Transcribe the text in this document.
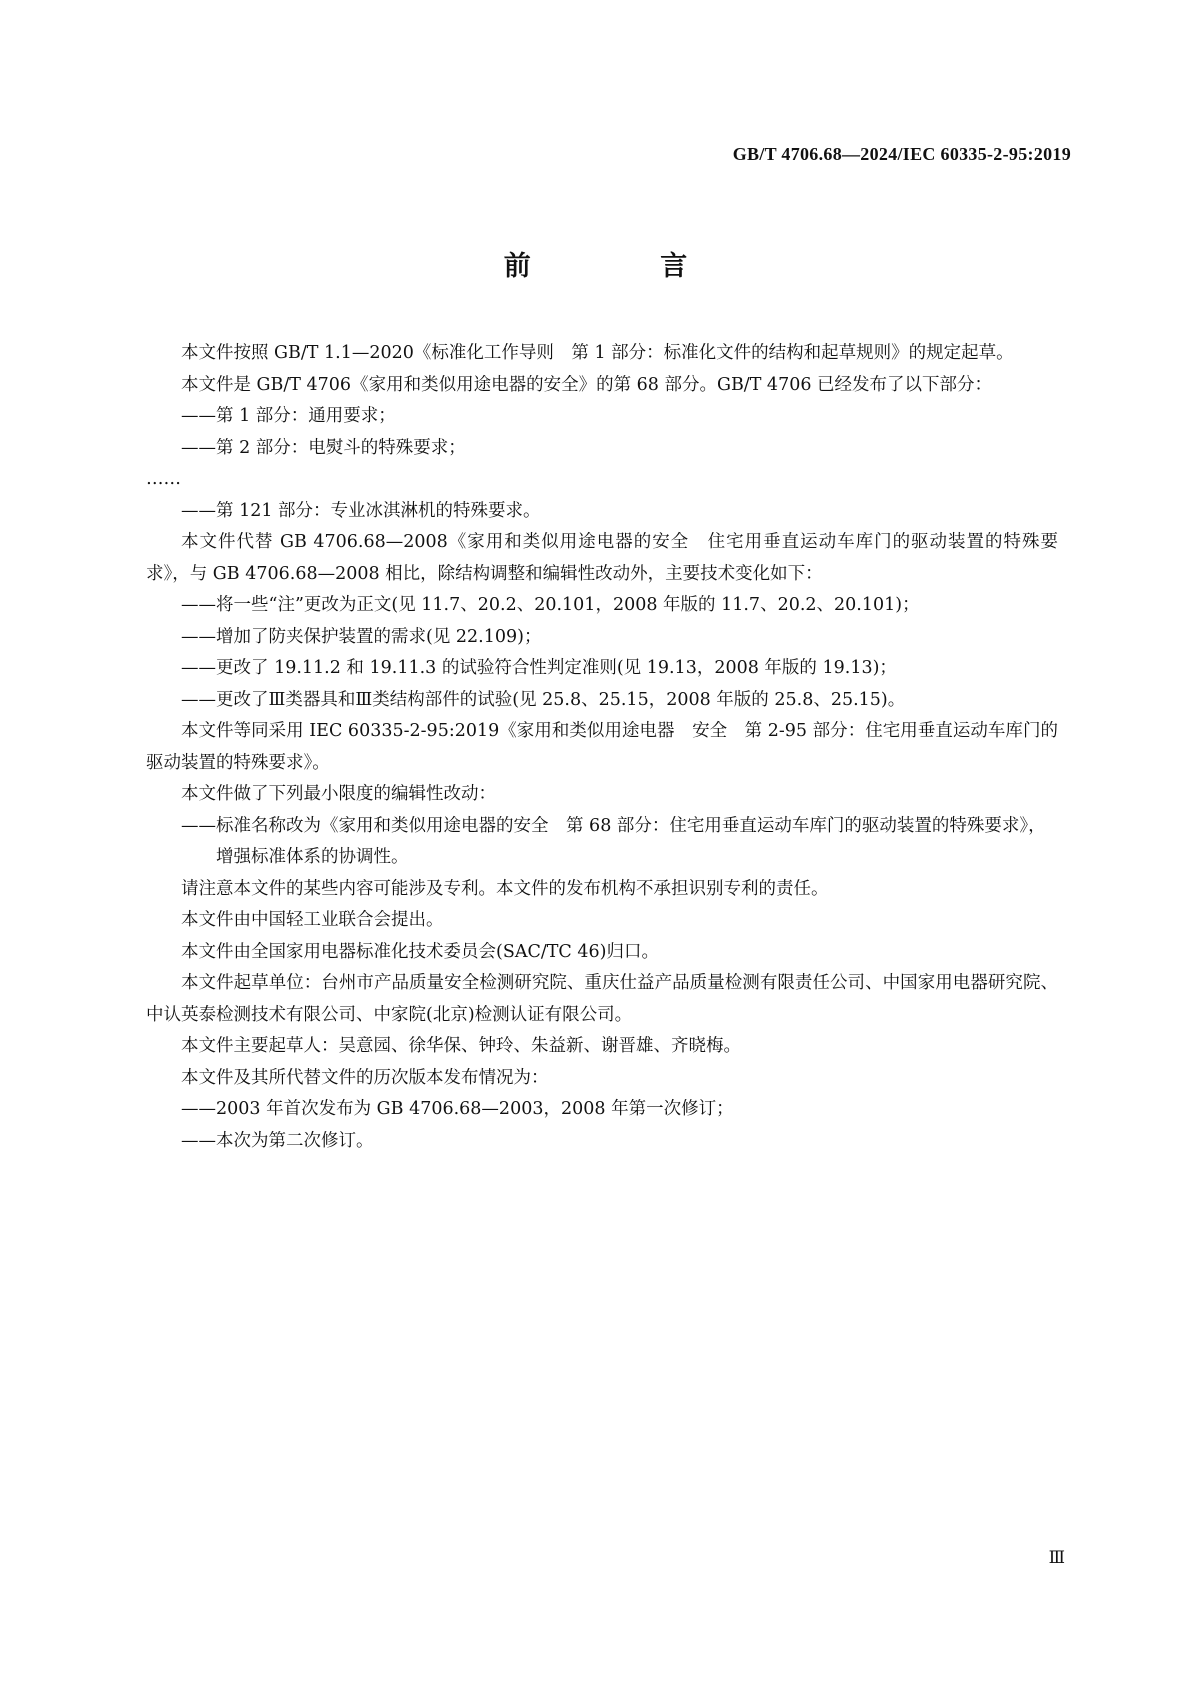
GB/T 4706.68—2024/IEC 60335-2-95:2019
前 言

本文件按照 GB/T 1.1—2020《标准化工作导则　第 1 部分：标准化文件的结构和起草规则》的规定起草。

本文件是 GB/T 4706《家用和类似用途电器的安全》的第 68 部分。GB/T 4706 已经发布了以下部分：

——第 1 部分：通用要求；

——第 2 部分：电熨斗的特殊要求；

……

——第 121 部分：专业冰淇淋机的特殊要求。

本文件代替 GB 4706.68—2008《家用和类似用途电器的安全　住宅用垂直运动车库门的驱动装置的特殊要求》，与 GB 4706.68—2008 相比，除结构调整和编辑性改动外，主要技术变化如下：

——将一些“注”更改为正文(见 11.7、20.2、20.101，2008 年版的 11.7、20.2、20.101)；

——增加了防夹保护装置的需求(见 22.109)；

——更改了 19.11.2 和 19.11.3 的试验符合性判定准则(见 19.13，2008 年版的 19.13)；

——更改了Ⅲ类器具和Ⅲ类结构部件的试验(见 25.8、25.15，2008 年版的 25.8、25.15)。

本文件等同采用 IEC 60335-2-95:2019《家用和类似用途电器　安全　第 2-95 部分：住宅用垂直运动车库门的驱动装置的特殊要求》。

本文件做了下列最小限度的编辑性改动：

——标准名称改为《家用和类似用途电器的安全　第 68 部分：住宅用垂直运动车库门的驱动装置的特殊要求》，增强标准体系的协调性。

请注意本文件的某些内容可能涉及专利。本文件的发布机构不承担识别专利的责任。

本文件由中国轻工业联合会提出。

本文件由全国家用电器标准化技术委员会(SAC/TC 46)归口。

本文件起草单位：台州市产品质量安全检测研究院、重庆仕益产品质量检测有限责任公司、中国家用电器研究院、中认英泰检测技术有限公司、中家院(北京)检测认证有限公司。

本文件主要起草人：吴意园、徐华保、钟玲、朱益新、谢晋雄、齐晓梅。

本文件及其所代替文件的历次版本发布情况为：

——2003 年首次发布为 GB 4706.68—2003，2008 年第一次修订；

——本次为第二次修订。

Ⅲ
